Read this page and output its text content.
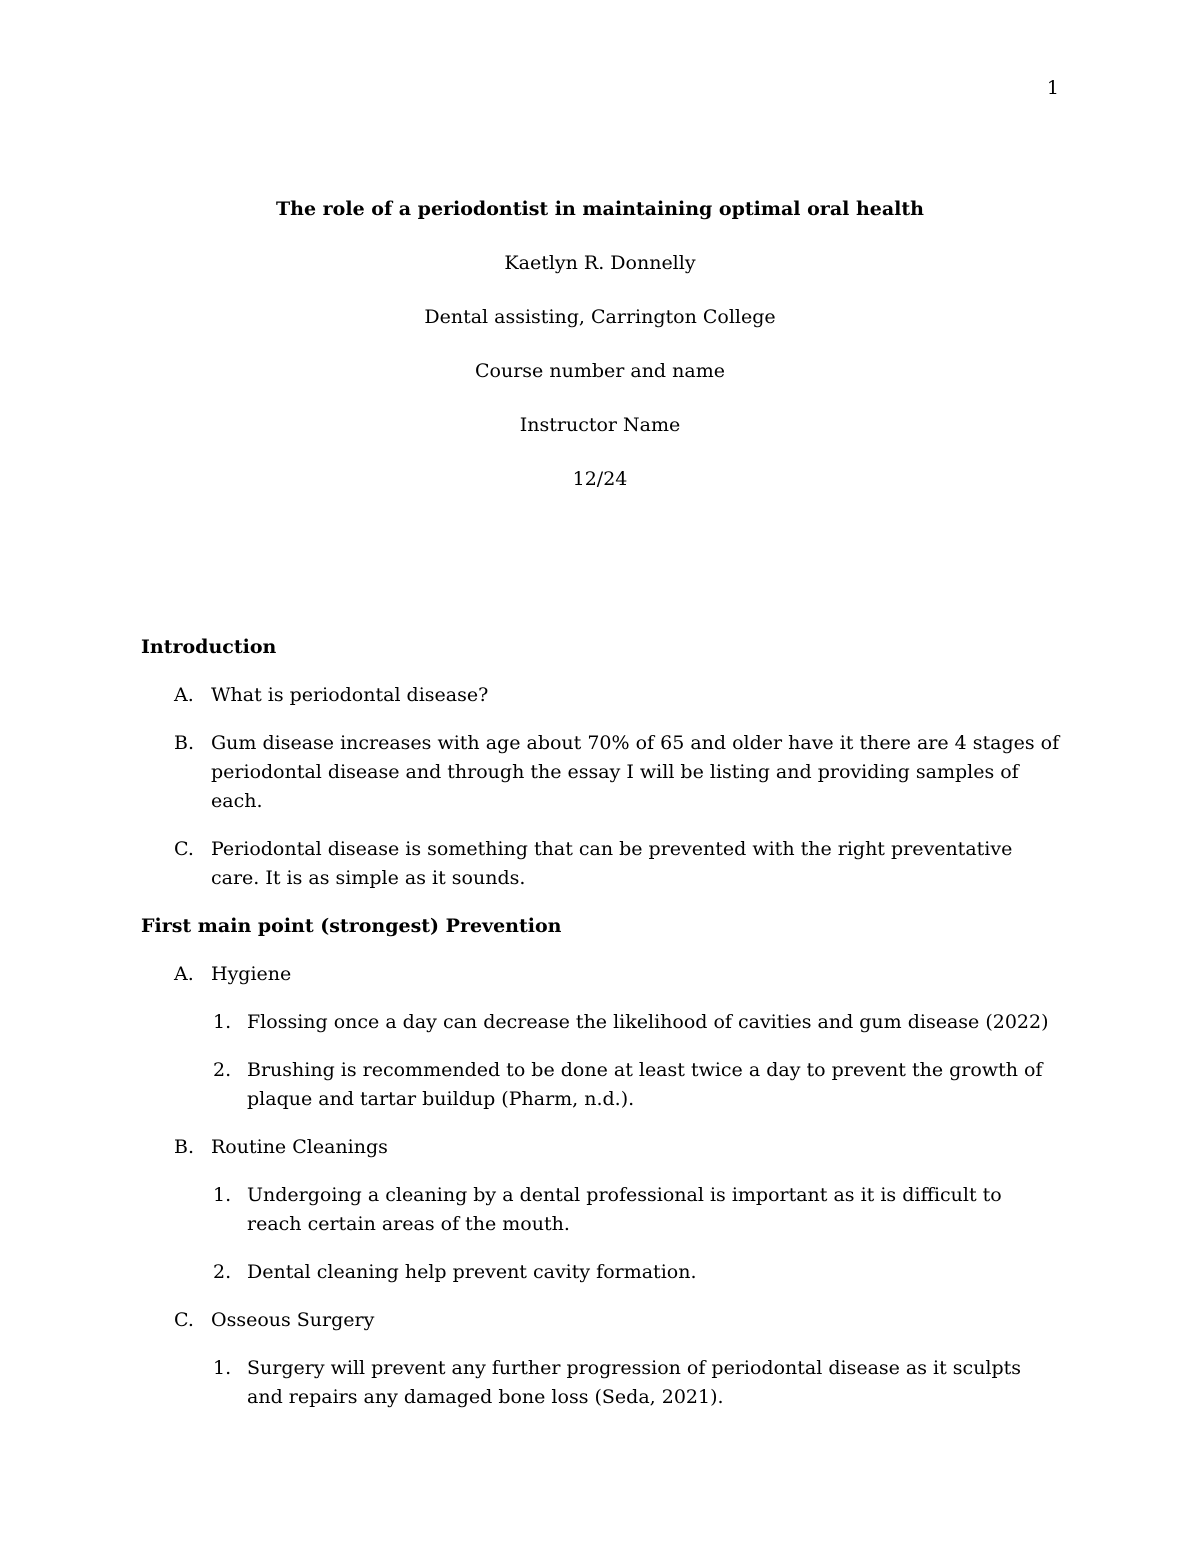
1

The role of a periodontist in maintaining optimal oral health

Kaetlyn R. Donnelly

Dental assisting, Carrington College

Course number and name

Instructor Name

12/24

Introduction

A. What is periodontal disease?
B. Gum disease increases with age about 70% of 65 and older have it there are 4 stages of periodontal disease and through the essay I will be listing and providing samples of each.
C. Periodontal disease is something that can be prevented with the right preventative care. It is as simple as it sounds.

First main point (strongest) Prevention

A. Hygiene
1. Flossing once a day can decrease the likelihood of cavities and gum disease (2022)
2. Brushing is recommended to be done at least twice a day to prevent the growth of plaque and tartar buildup (Pharm, n.d.).
B. Routine Cleanings
1. Undergoing a cleaning by a dental professional is important as it is difficult to reach certain areas of the mouth.
2. Dental cleaning help prevent cavity formation.
C. Osseous Surgery
1. Surgery will prevent any further progression of periodontal disease as it sculpts and repairs any damaged bone loss (Seda, 2021).
